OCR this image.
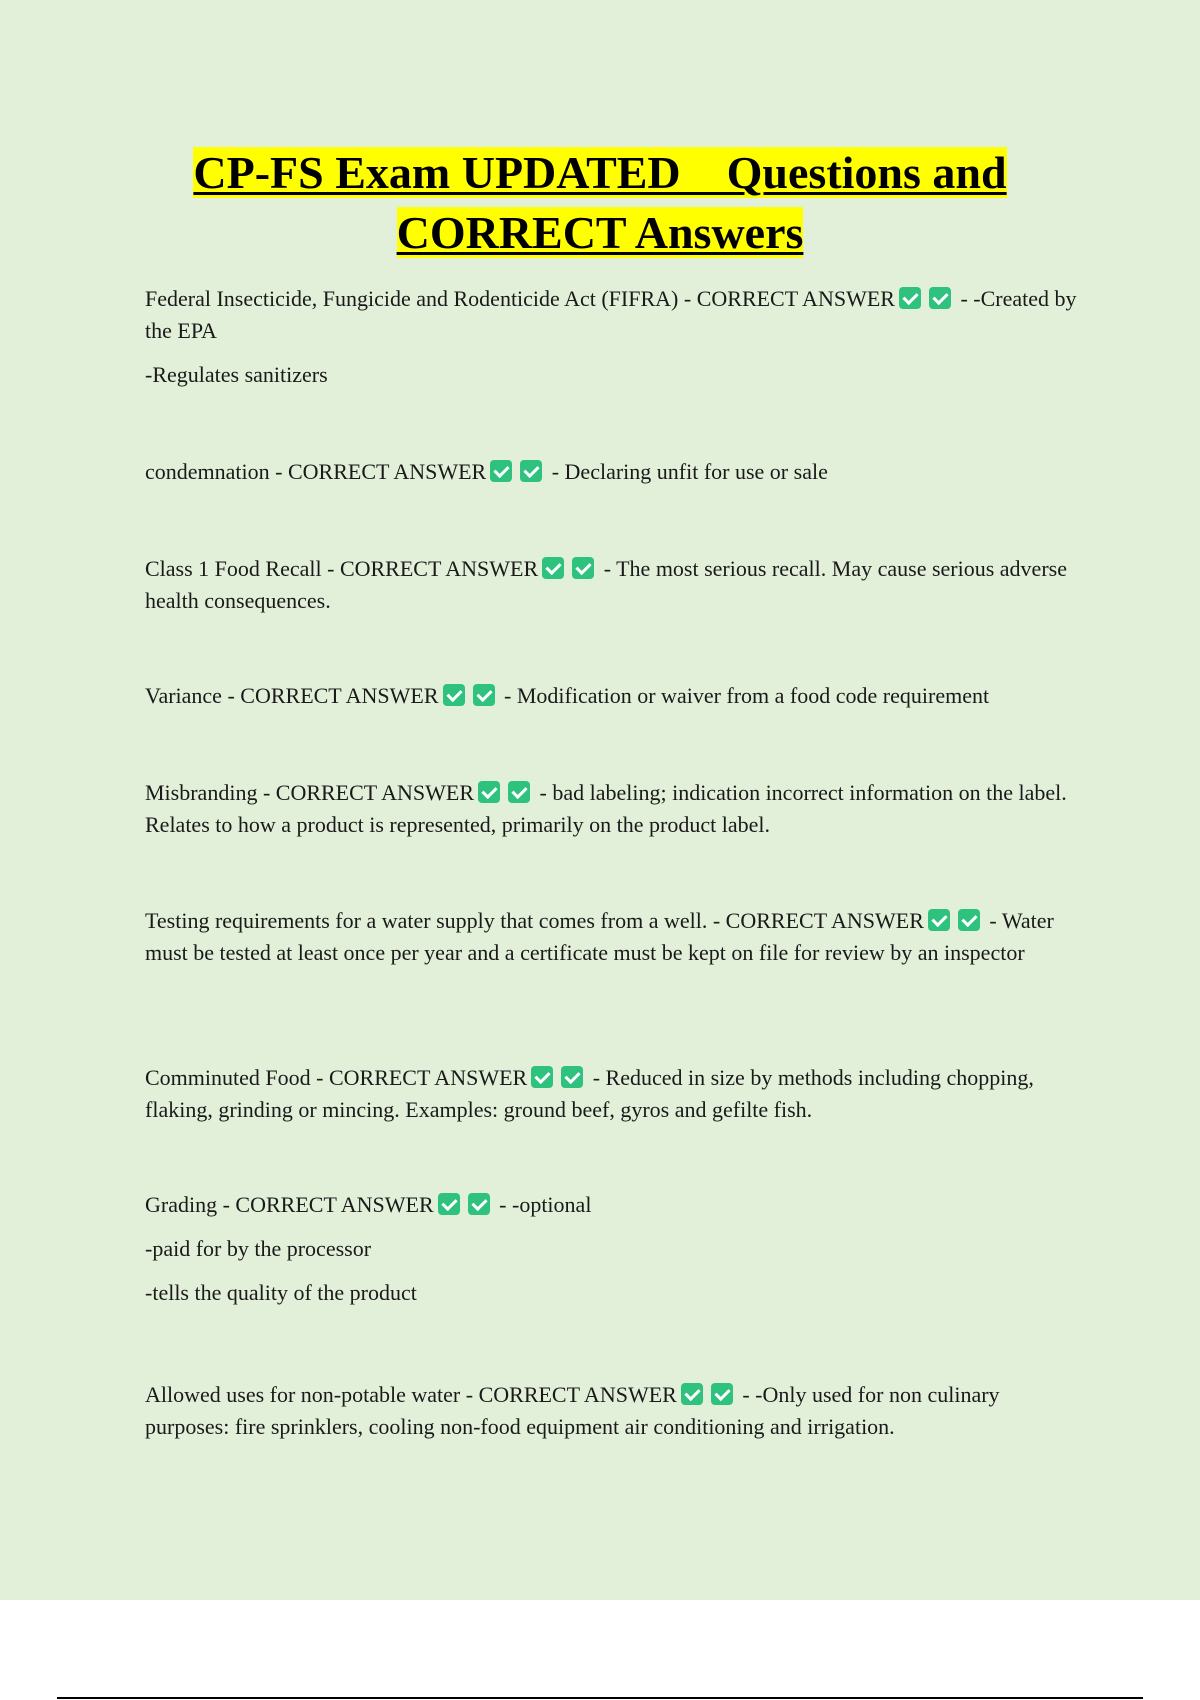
CP-FS Exam UPDATED    Questions and

CORRECT Answers

Federal Insecticide, Fungicide and Rodenticide Act (FIFRA) - CORRECT ANSWER	- -Created by the EPA

-Regulates sanitizers

condemnation - CORRECT ANSWER	- Declaring unfit for use or sale

Class 1 Food Recall - CORRECT ANSWER	- The most serious recall. May cause serious adverse health consequences.

Variance - CORRECT ANSWER	- Modification or waiver from a food code requirement

Misbranding - CORRECT ANSWER	- bad labeling; indication incorrect information on the label. Relates to how a product is represented, primarily on the product label.

Testing requirements for a water supply that comes from a well. - CORRECT ANSWER	- Water must be tested at least once per year and a certificate must be kept on file for review by an inspector

Comminuted Food - CORRECT ANSWER	- Reduced in size by methods including chopping, flaking, grinding or mincing. Examples: ground beef, gyros and gefilte fish.

Grading - CORRECT ANSWER	- -optional

-paid for by the processor

-tells the quality of the product

Allowed uses for non-potable water - CORRECT ANSWER	- -Only used for non culinary purposes: fire sprinklers, cooling non-food equipment air conditioning and irrigation.
